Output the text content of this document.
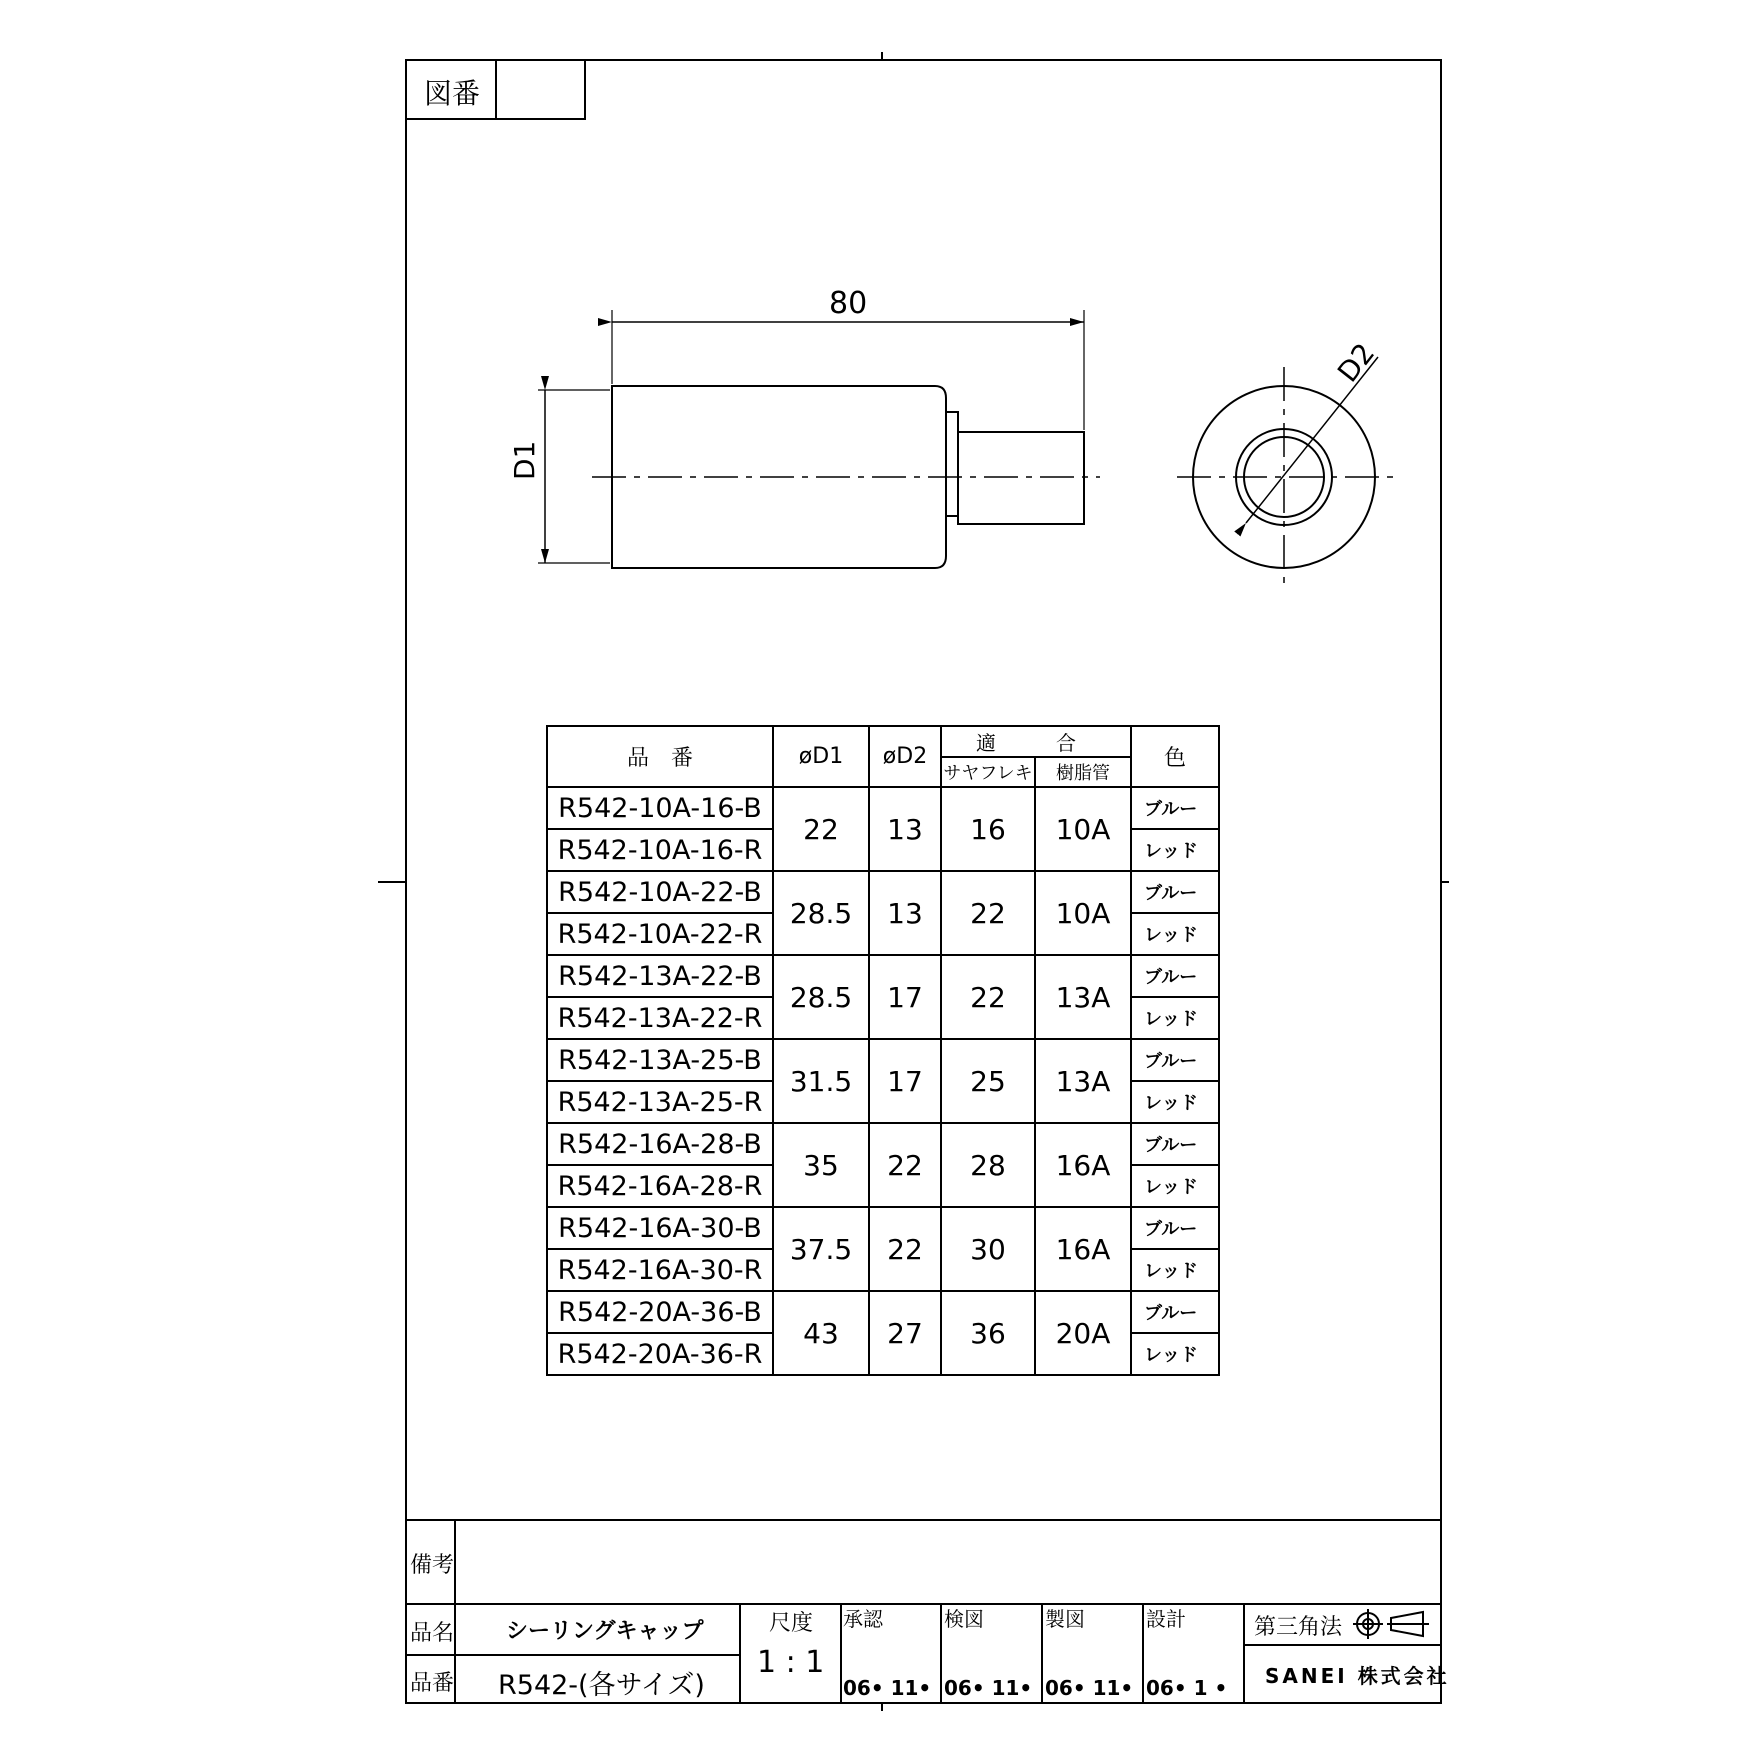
図番
80
D1
D2
品　番	øD1	øD2	適　合		色
			サヤフレキ	樹脂管	
R542-10A-16-B	22	13	16	10A	ブルー
R542-10A-16-R					レッド
R542-10A-22-B	28.5	13	22	10A	ブルー
R542-10A-22-R					レッド
R542-13A-22-B	28.5	17	22	13A	ブルー
R542-13A-22-R					レッド
R542-13A-25-B	31.5	17	25	13A	ブルー
R542-13A-25-R					レッド
R542-16A-28-B	35	22	28	16A	ブルー
R542-16A-28-R					レッド
R542-16A-30-B	37.5	22	30	16A	ブルー
R542-16A-30-R					レッド
R542-20A-36-B	43	27	36	20A	ブルー
R542-20A-36-R					レッド
備考
品名 シーリングキャップ
品番 R542-(各サイズ)
尺度
1 : 1
承認
06• 11•
検図
06• 11•
製図
06• 11•
設計
06• 1 •
第三角法
SANEI 株式会社
